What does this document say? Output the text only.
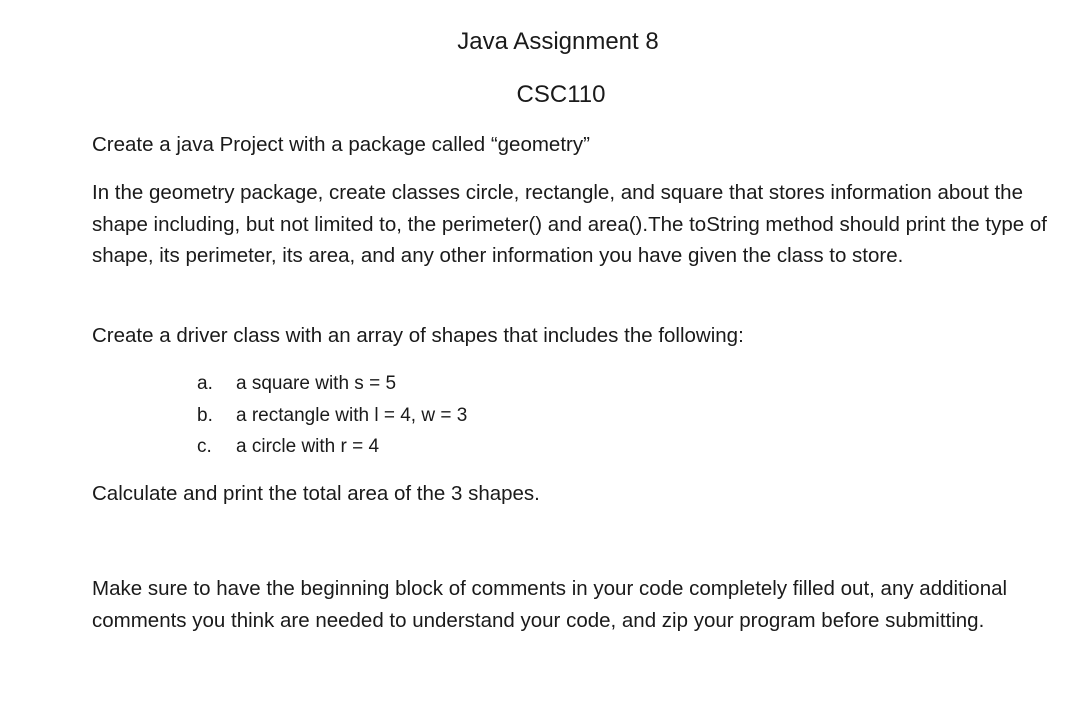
Java Assignment 8
CSC110

Create a java Project with a package called “geometry”

In the geometry package, create classes circle, rectangle, and square that stores information about the shape including, but not limited to, the perimeter() and area().The toString method should print the type of shape, its perimeter, its area, and any other information you have given the class to store.

Create a driver class with an array of shapes that includes the following:

a.	a square with s = 5
b.	a rectangle with l = 4, w = 3
c.	a circle with r = 4

Calculate and print the total area of the 3 shapes.

Make sure to have the beginning block of comments in your code completely filled out, any additional comments you think are needed to understand your code, and zip your program before submitting.
